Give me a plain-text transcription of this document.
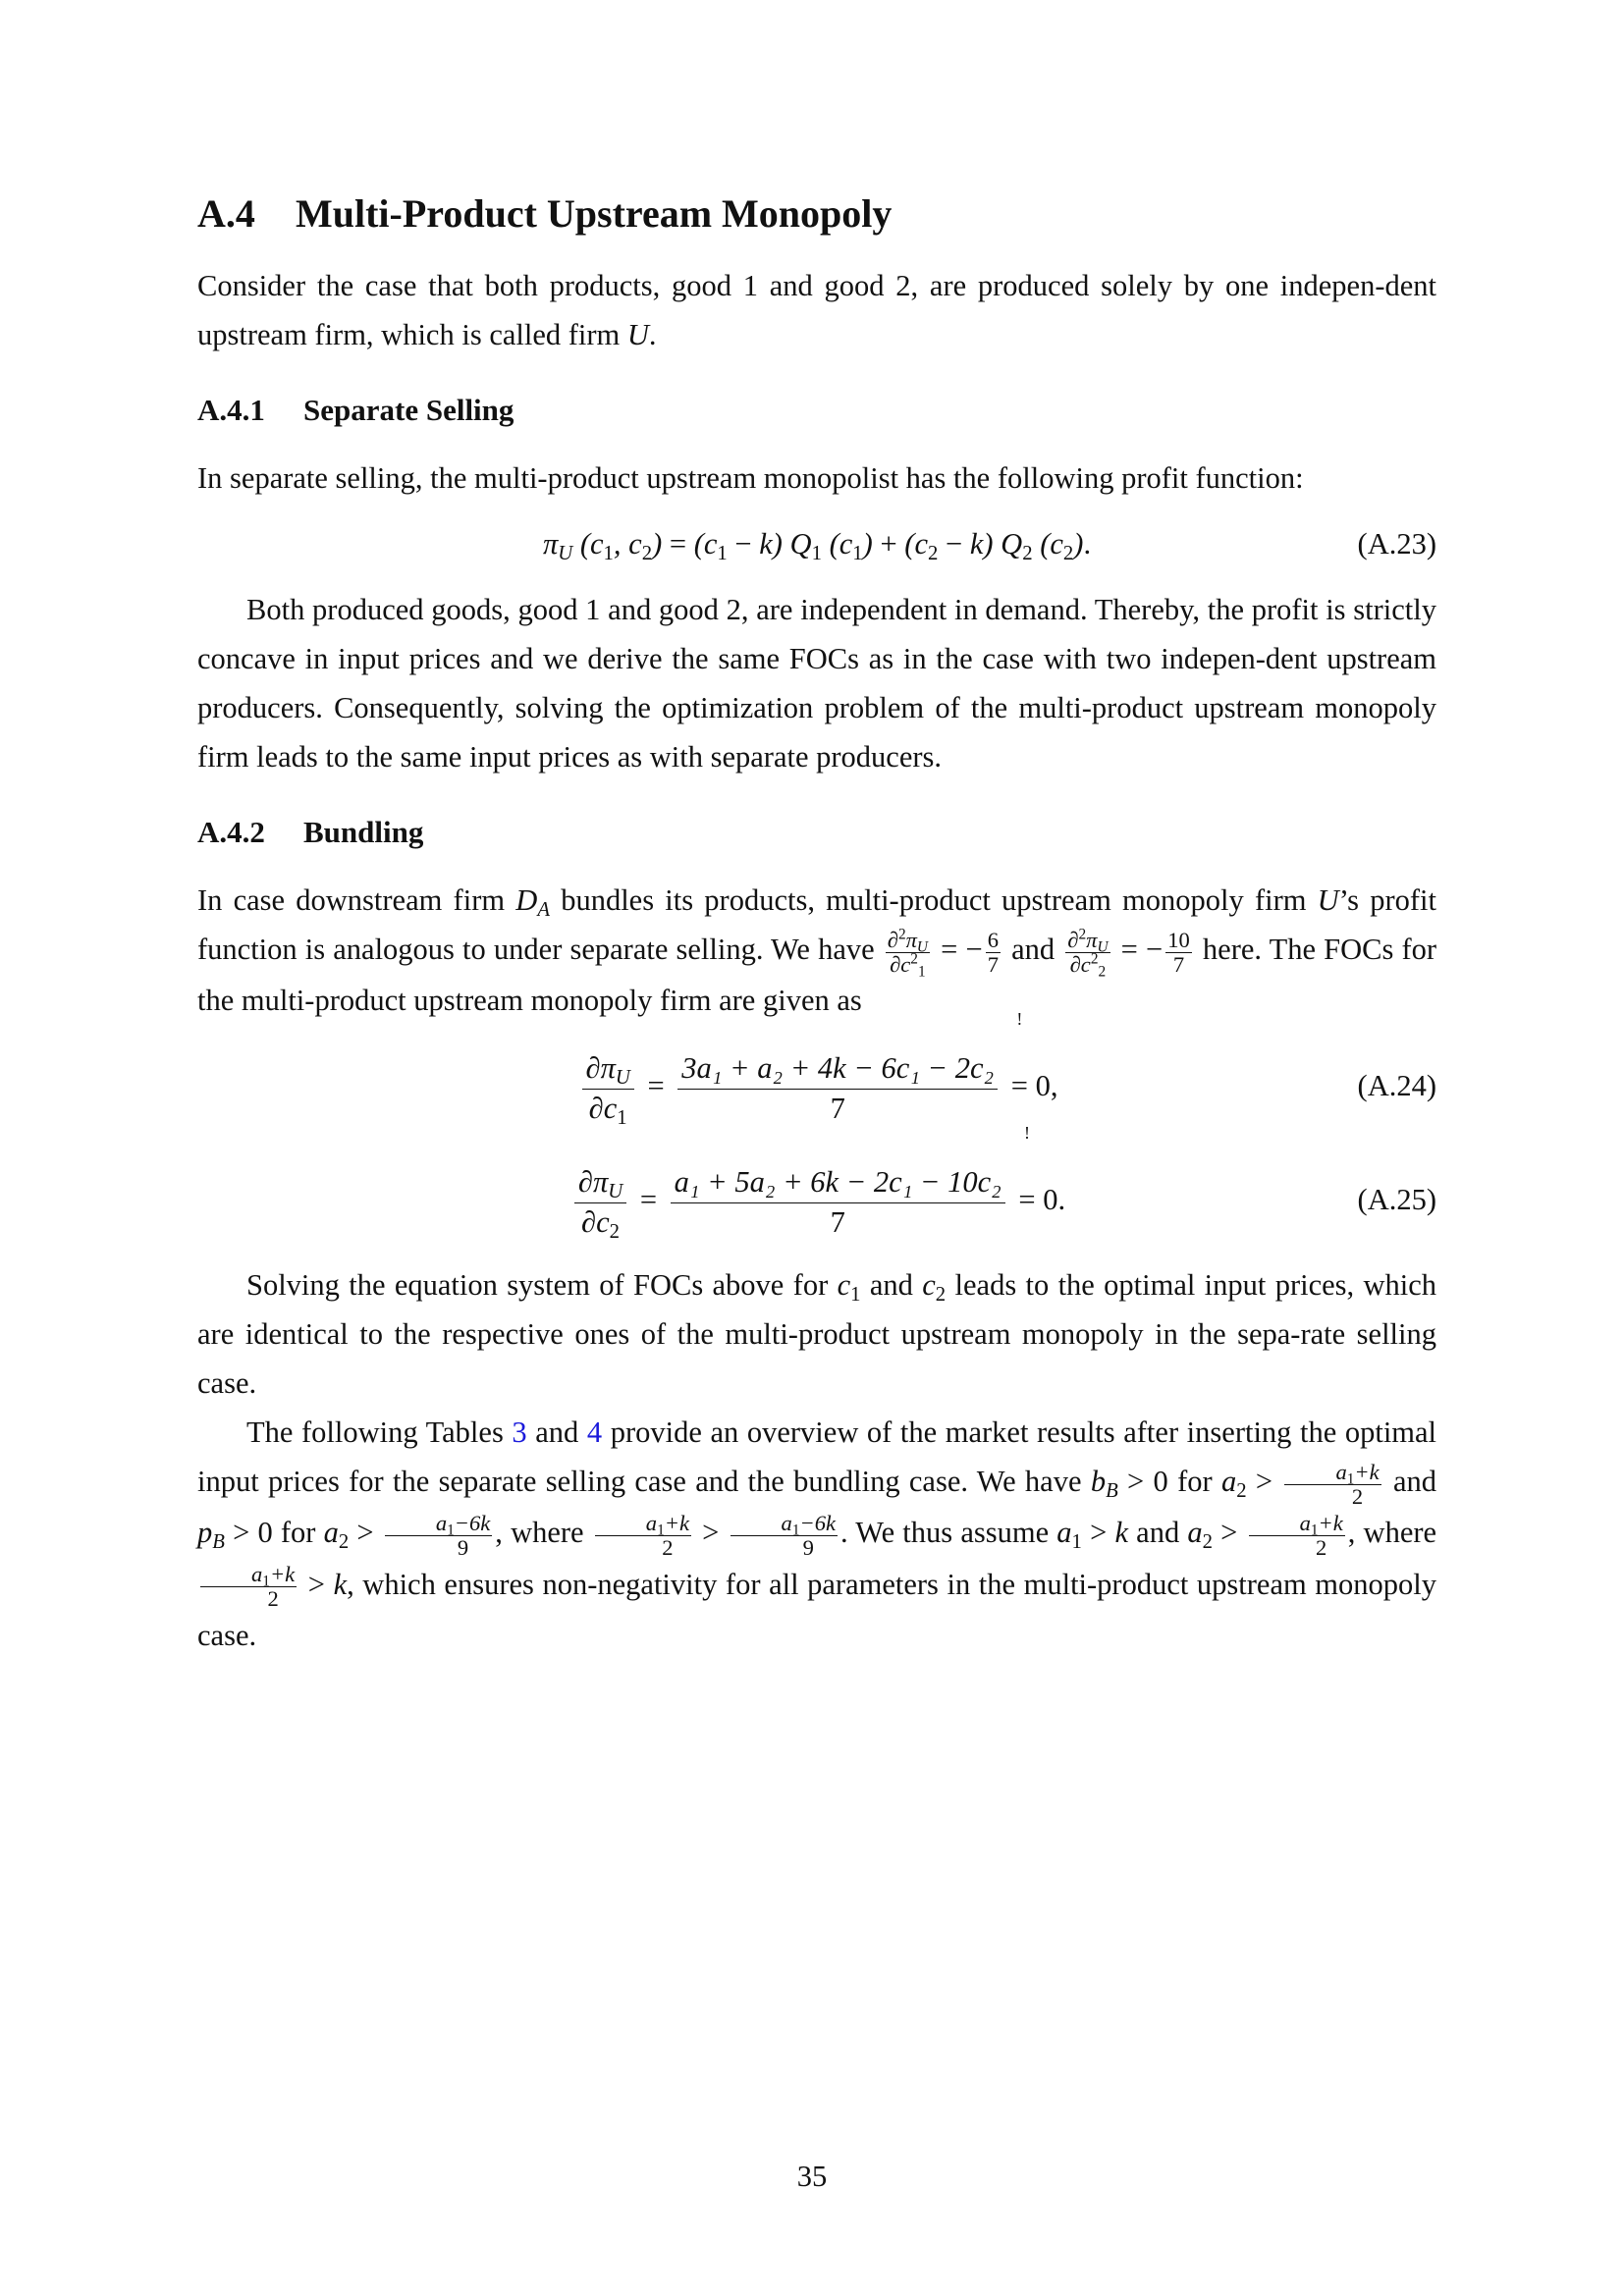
A.4 Multi-Product Upstream Monopoly

Consider the case that both products, good 1 and good 2, are produced solely by one indepen-dent upstream firm, which is called firm U.

A.4.1 Separate Selling

In separate selling, the multi-product upstream monopolist has the following profit function:

$\pi_U$ ($c_1$, $c_2) = (c_1 - k)$ $Q_1$ $(c_1) + (c_2 - k)$ $Q_2$ $(c_2)$.	(A.23)

Both produced goods, good 1 and good 2, are independent in demand. Thereby, the profit is strictly concave in input prices and we derive the same FOCs as in the case with two indepen-dent upstream producers. Consequently, solving the optimization problem of the multi-product upstream monopoly firm leads to the same input prices as with separate producers.

A.4.2 Bundling

In case downstream firm $D_A$ bundles its products, multi-product upstream monopoly firm U’s profit function is analogous to under separate selling. We have $\frac{\partial^2\pi_U}{\partial c^2_1}$ = − $\frac{6}{7}$ and $\frac{\partial^2\pi_U}{\partial c^2_2}$ = − $\frac{10}{7}$ here. The FOCs for the multi-product upstream monopoly firm are given as

$\frac{\partial\pi_U}{\partial c_1} = \frac{\text{3a₁ + a₂ + 4k − 6c₁ − 2c₂}}{7}$ ! = 0,	(A.24)
$\frac{\partial\pi_U}{\partial c_2} = \frac{\text{a₁ + 5a₂ + 6k − 2c₁ − 10c₂}}{7}$ ! = 0.	(A.25)

Solving the equation system of FOCs above for $c_1$ and $c_2$ leads to the optimal input prices, which are identical to the respective ones of the multi-product upstream monopoly in the sepa-rate selling case.

The following Tables 3 and 4 provide an overview of the market results after inserting the optimal input prices for the separate selling case and the bundling case. We have $b_B > 0$ for $a_2 > \frac{a_1+k}{2}$ and $p_B > 0$ for $a_2 > \frac{a_1-6k}{9}$ , where $\frac{a_1+k}{2} > \frac{a_1-6k}{9}$ . We thus assume $a_1 > k$ and $a_2 > \frac{a_1+k}{2}$ , where
$\frac{a_1+k}{2} > k$, which ensures non-negativity for all parameters in the multi-product upstream monopoly case.

35
